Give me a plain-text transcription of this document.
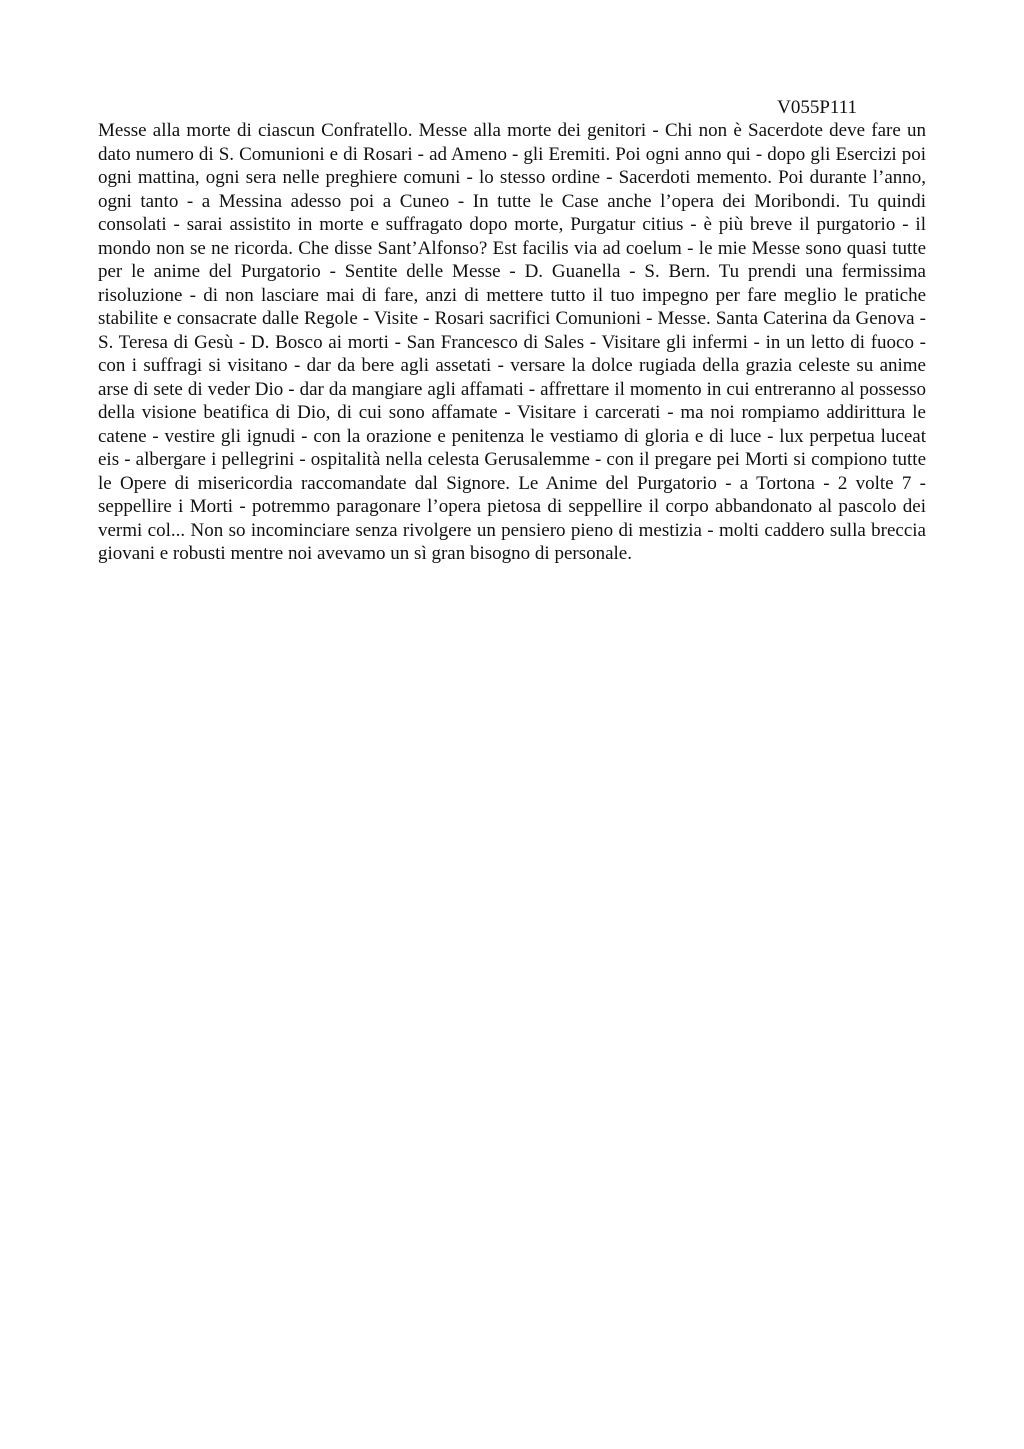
V055P111

Messe alla morte di ciascun Confratello. Messe alla morte dei genitori - Chi non è Sacerdote deve fare un dato numero di S. Comunioni e di Rosari - ad Ameno - gli Eremiti. Poi ogni anno qui - dopo gli Esercizi poi ogni mattina, ogni sera nelle preghiere comuni - lo stesso ordine - Sacerdoti memento. Poi durante l’anno, ogni tanto - a Messina adesso poi a Cuneo - In tutte le Case anche l’opera dei Moribondi. Tu quindi consolati - sarai assistito in morte e suffragato dopo morte, Purgatur citius - è più breve il purgatorio - il mondo non se ne ricorda. Che disse Sant’Alfonso? Est facilis via ad coelum - le mie Messe sono quasi tutte per le anime del Purgatorio - Sentite delle Messe - D. Guanella - S. Bern. Tu prendi una fermissima risoluzione - di non lasciare mai di fare, anzi di mettere tutto il tuo impegno per fare meglio le pratiche stabilite e consacrate dalle Regole - Visite - Rosari sacrifici Comunioni - Messe. Santa Caterina da Genova - S. Teresa di Gesù - D. Bosco ai morti - San Francesco di Sales - Visitare gli infermi - in un letto di fuoco - con i suffragi si visitano - dar da bere agli assetati - versare la dolce rugiada della grazia celeste su anime arse di sete di veder Dio - dar da mangiare agli affamati - affrettare il momento in cui entreranno al possesso della visione beatifica di Dio, di cui sono affamate - Visitare i carcerati - ma noi rompiamo addirittura le catene - vestire gli ignudi - con la orazione e penitenza le vestiamo di gloria e di luce - lux perpetua luceat eis - albergare i pellegrini - ospitalità nella celesta Gerusalemme - con il pregare pei Morti si compiono tutte le Opere di misericordia raccomandate dal Signore. Le Anime del Purgatorio - a Tortona - 2 volte 7 - seppellire i Morti - potremmo paragonare l’opera pietosa di seppellire il corpo abbandonato al pascolo dei vermi col... Non so incominciare senza rivolgere un pensiero pieno di mestizia - molti caddero sulla breccia giovani e robusti mentre noi avevamo un sì gran bisogno di personale.
